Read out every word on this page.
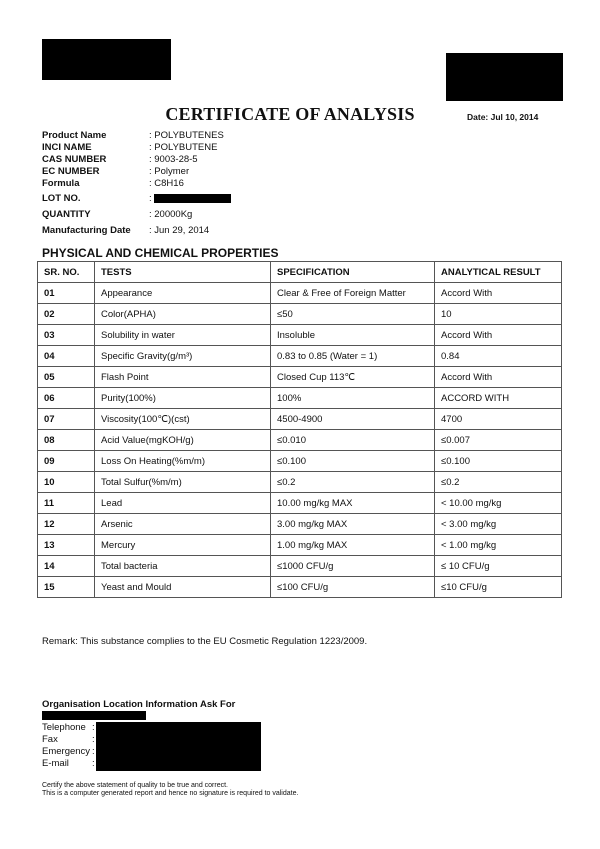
CERTIFICATE OF ANALYSIS	Date: Jul 10, 2014
Product Name	: POLYBUTENES
INCI NAME	: POLYBUTENE
CAS NUMBER	: 9003-28-5
EC NUMBER	: Polymer
Formula	: C8H16
LOT NO.	:
QUANTITY	: 20000Kg
Manufacturing Date : Jun 29, 2014
PHYSICAL AND CHEMICAL PROPERTIES
SR. NO.	TESTS	SPECIFICATION	ANALYTICAL RESULT
01	Appearance	Clear & Free of Foreign Matter	Accord With
02	Color(APHA)	≤50	10
03	Solubility in water	Insoluble	Accord With
04	Specific Gravity(g/m³)	0.83 to 0.85 (Water = 1)	0.84
05	Flash Point	Closed Cup 113℃	Accord With
06	Purity(100%)	100%	ACCORD WITH
07	Viscosity(100℃)(cst)	4500-4900	4700
08	Acid Value(mgKOH/g)	≤0.010	≤0.007
09	Loss On Heating(%m/m)	≤0.100	≤0.100
10	Total Sulfur(%m/m)	≤0.2	≤0.2
11	Lead	10.00 mg/kg MAX	< 10.00 mg/kg
12	Arsenic	3.00 mg/kg MAX	< 3.00 mg/kg
13	Mercury	1.00 mg/kg MAX	< 1.00 mg/kg
14	Total bacteria	≤1000 CFU/g	≤ 10 CFU/g
15	Yeast and Mould	≤100 CFU/g	≤10 CFU/g
Remark: This substance complies to the EU Cosmetic Regulation 1223/2009.
Organisation Location Information Ask For
Telephone :
Fax	:
Emergency :
E-mail :
Certify the above statement of quality to be true and correct.
This is a computer generated report and hence no signature is required to validate.
